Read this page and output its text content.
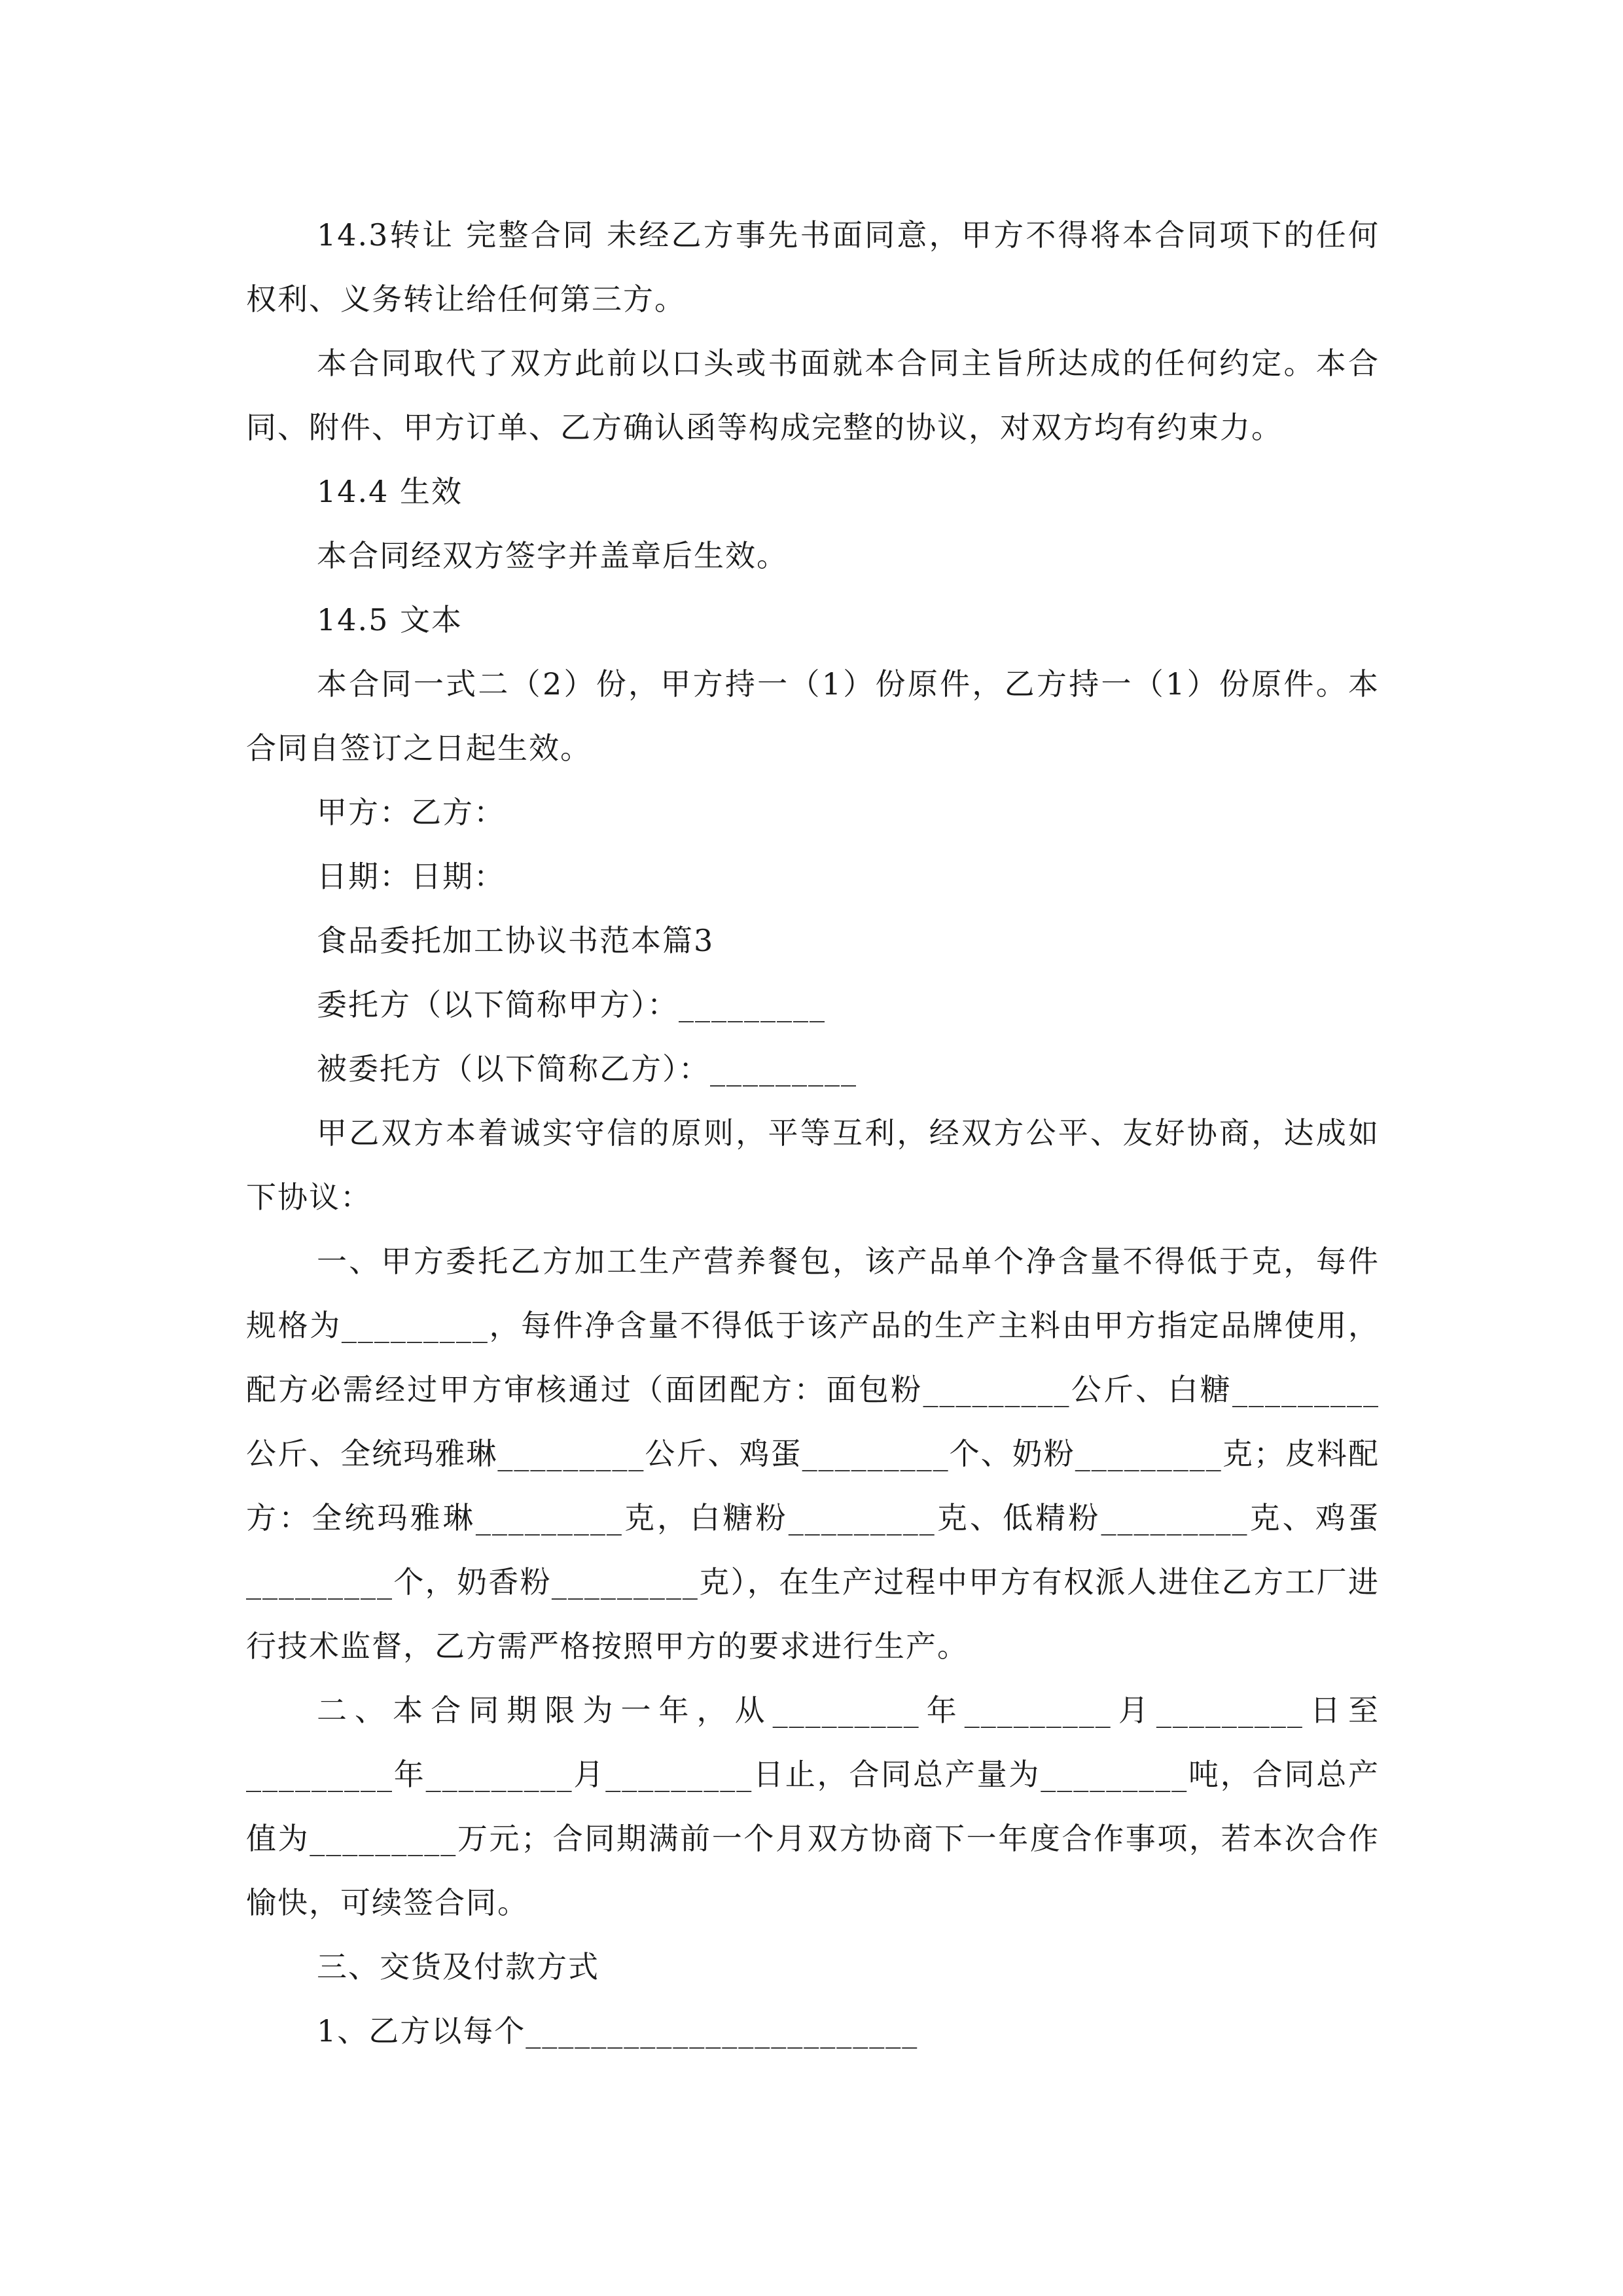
14.3转让 完整合同 未经乙方事先书面同意，甲方不得将本合同项下的任何权利、义务转让给任何第三方。

本合同取代了双方此前以口头或书面就本合同主旨所达成的任何约定。本合同、附件、甲方订单、乙方确认函等构成完整的协议，对双方均有约束力。

14.4 生效

本合同经双方签字并盖章后生效。

14.5 文本

本合同一式二（2）份，甲方持一（1）份原件，乙方持一（1）份原件。本合同自签订之日起生效。

甲方：乙方：

日期：日期：

食品委托加工协议书范本篇3

委托方（以下简称甲方）：_________

被委托方（以下简称乙方）：_________

甲乙双方本着诚实守信的原则，平等互利，经双方公平、友好协商，达成如下协议：

一、甲方委托乙方加工生产营养餐包，该产品单个净含量不得低于克，每件规格为_________，每件净含量不得低于该产品的生产主料由甲方指定品牌使用，配方必需经过甲方审核通过（面团配方：面包粉_________公斤、白糖_________公斤、全统玛雅琳_________公斤、鸡蛋_________个、奶粉_________克；皮料配方：全统玛雅琳_________克，白糖粉_________克、低精粉_________克、鸡蛋_________个，奶香粉_________克），在生产过程中甲方有权派人进住乙方工厂进行技术监督，乙方需严格按照甲方的要求进行生产。

二、本合同期限为一年，从_________年_________月_________日至_________年_________月_________日止，合同总产量为_________吨，合同总产值为_________万元；合同期满前一个月双方协商下一年度合作事项，若本次合作愉快，可续签合同。

三、交货及付款方式

1、乙方以每个________________________
